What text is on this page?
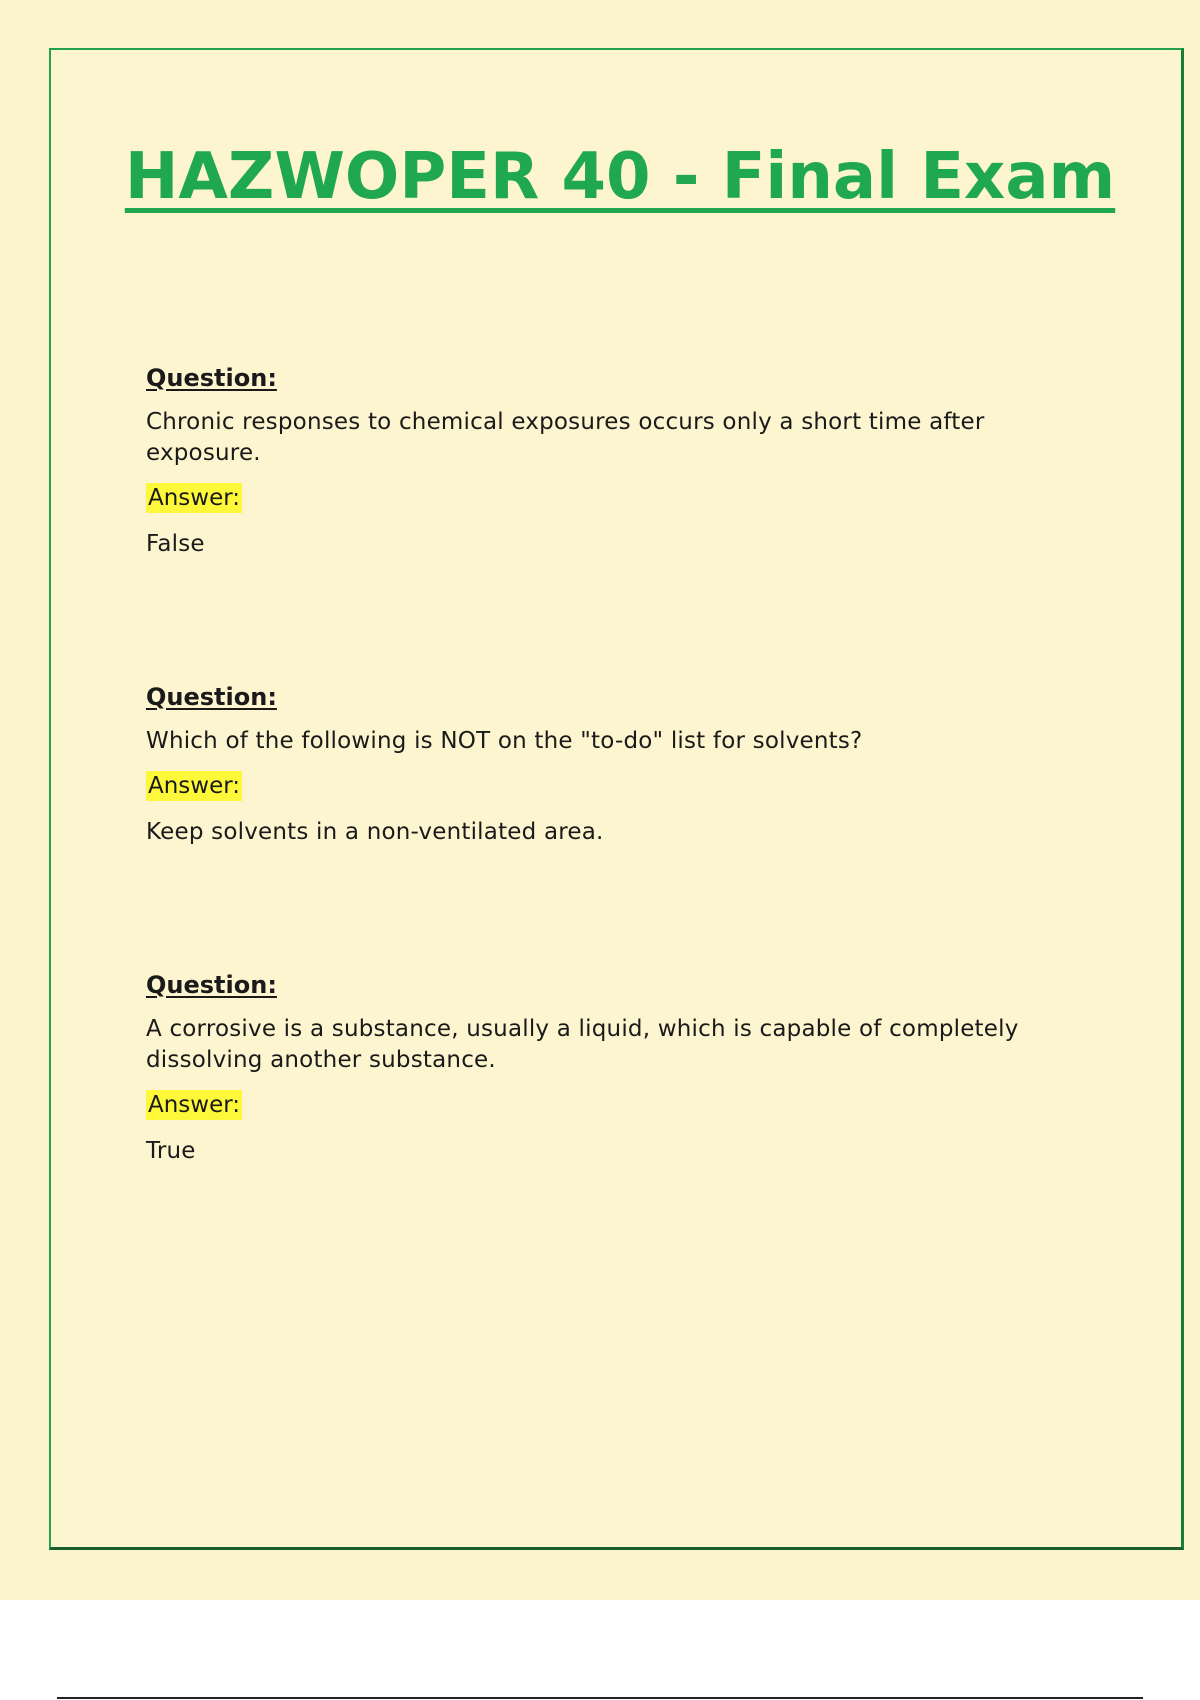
HAZWOPER 40 - Final Exam
Question:
Chronic responses to chemical exposures occurs only a short time after exposure.
Answer:
False
Question:
Which of the following is NOT on the "to-do" list for solvents?
Answer:
Keep solvents in a non-ventilated area.
Question:
A corrosive is a substance, usually a liquid, which is capable of completely dissolving another substance.
Answer:
True
